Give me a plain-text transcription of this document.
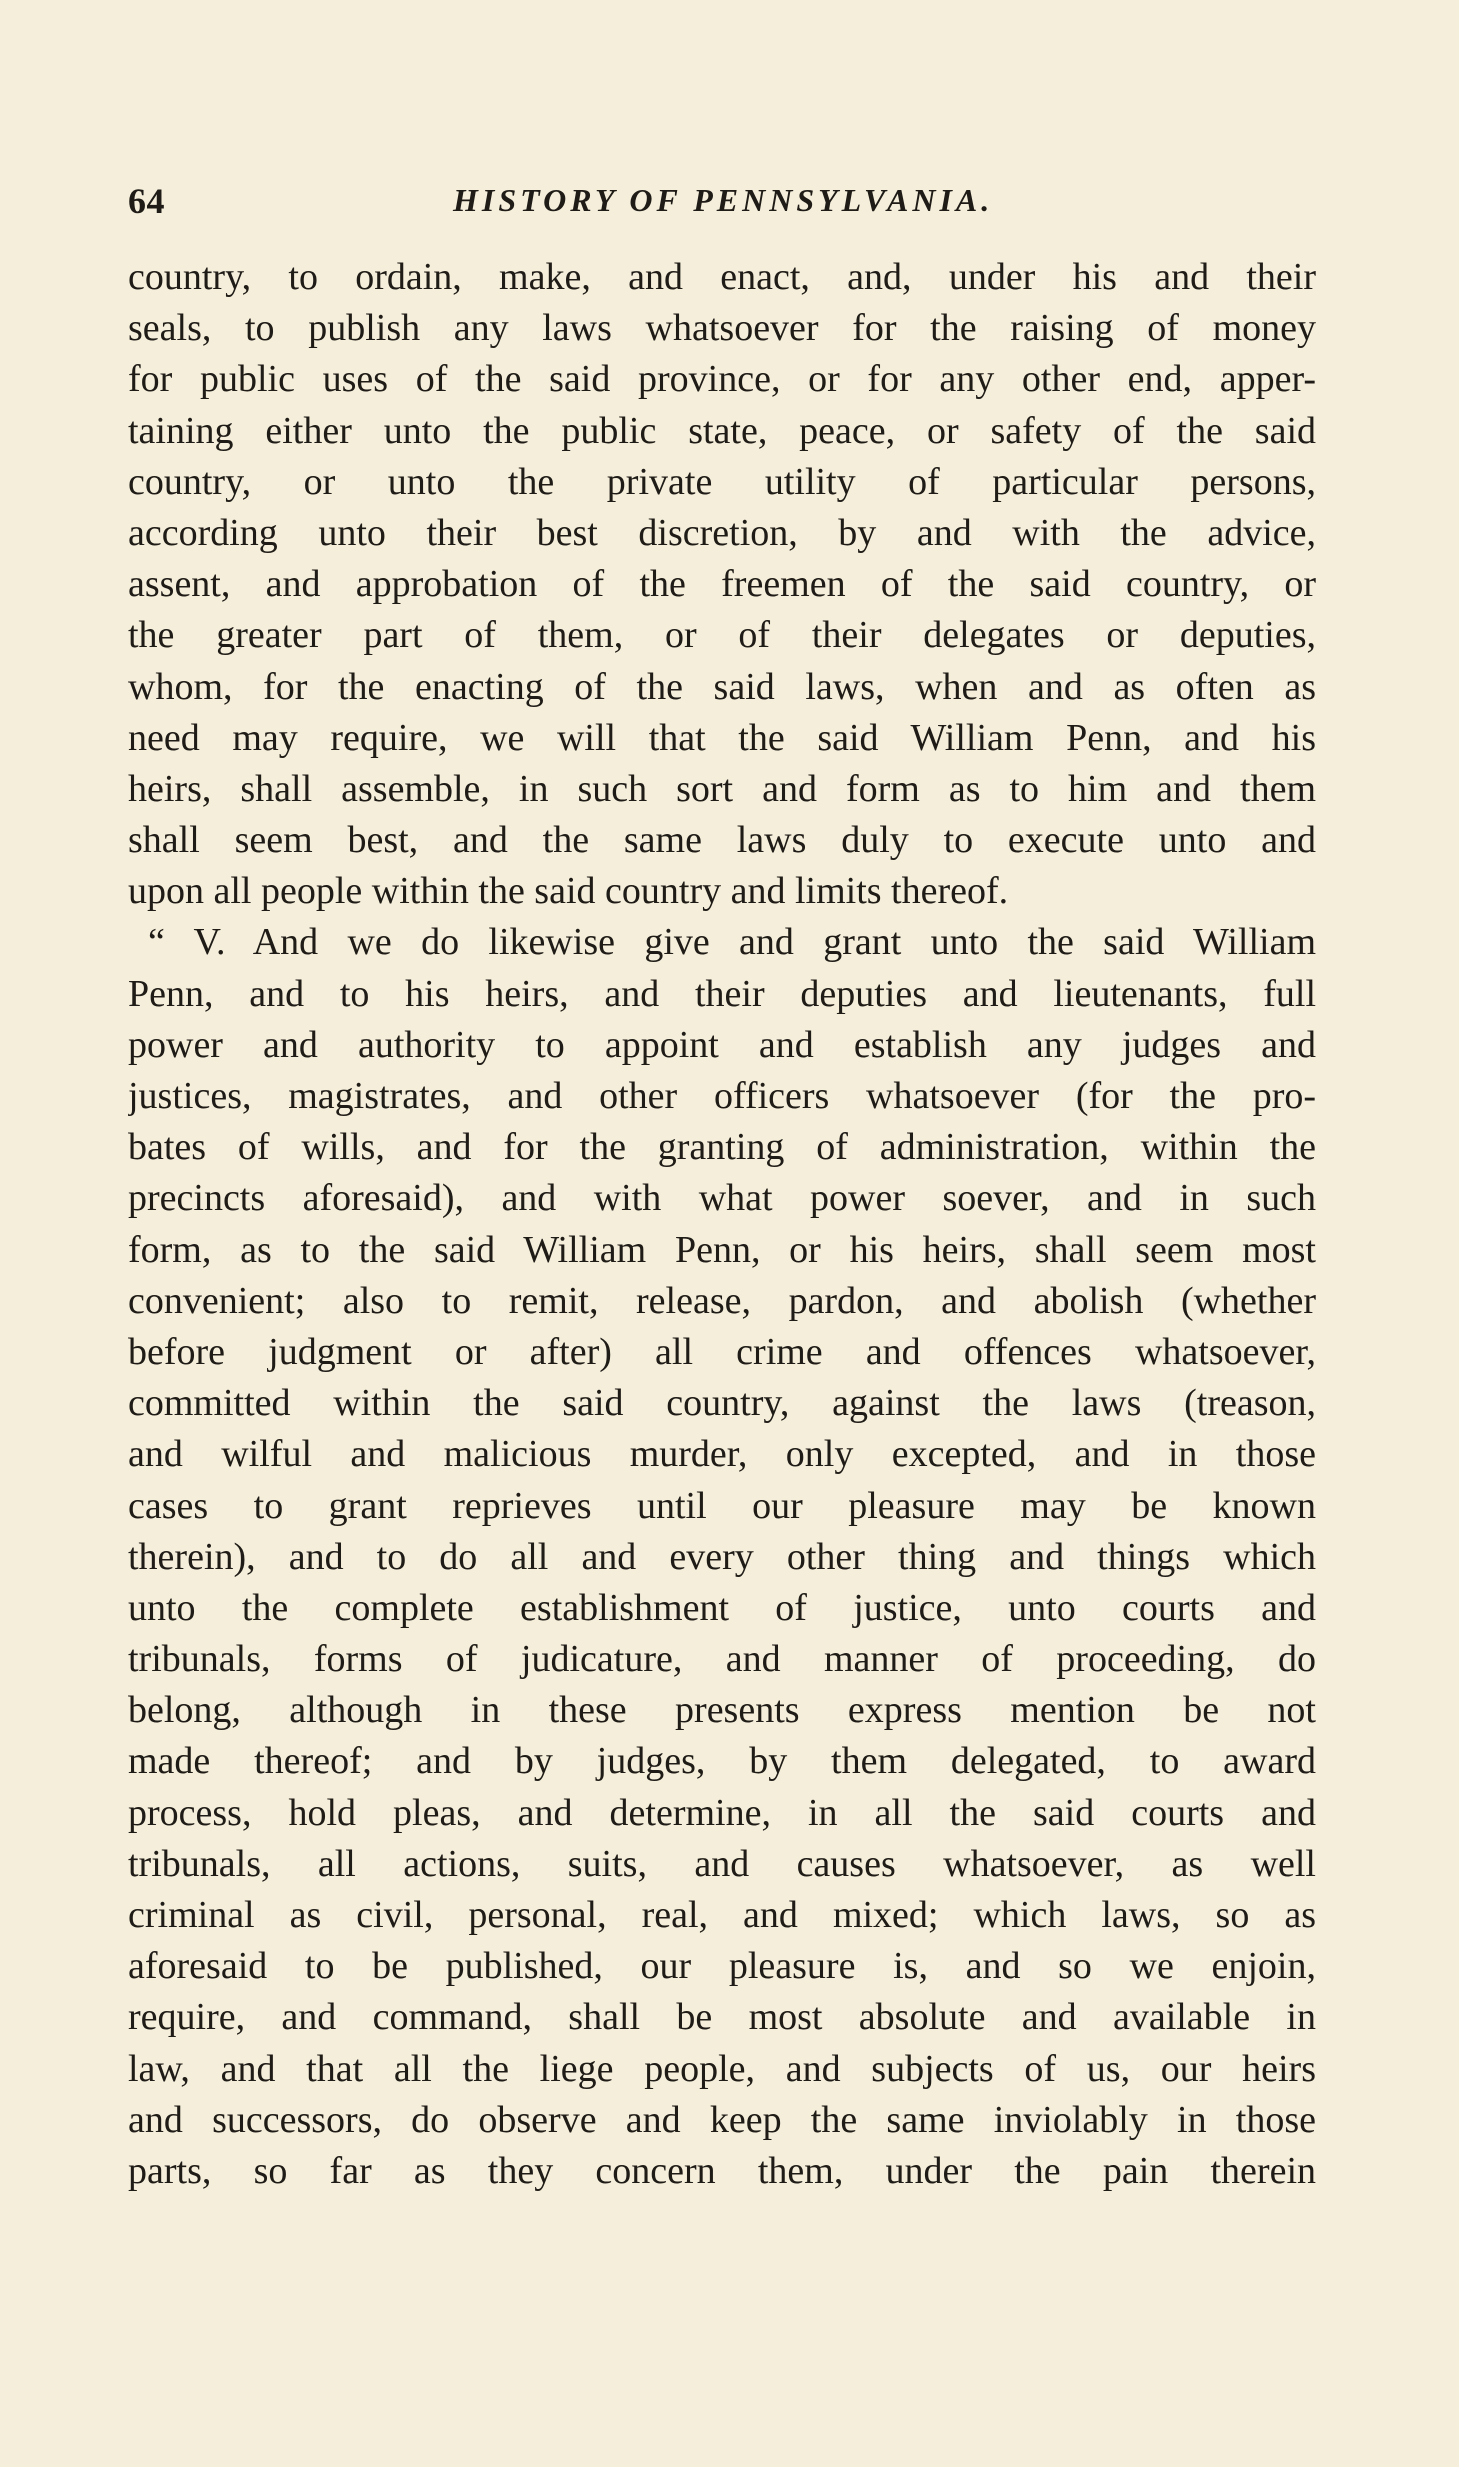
64	HISTORY OF PENNSYLVANIA.
country, to ordain, make, and enact, and, under his and their
seals, to publish any laws whatsoever for the raising of money
for public uses of the said province, or for any other end, apper-
taining either unto the public state, peace, or safety of the said
country, or unto the private utility of particular persons,
according unto their best discretion, by and with the advice,
assent, and approbation of the freemen of the said country, or
the greater part of them, or of their delegates or deputies,
whom, for the enacting of the said laws, when and as often as
need may require, we will that the said William Penn, and his
heirs, shall assemble, in such sort and form as to him and them
shall seem best, and the same laws duly to execute unto and
upon all people within the said country and limits thereof.
“ V. And we do likewise give and grant unto the said William
Penn, and to his heirs, and their deputies and lieutenants, full
power and authority to appoint and establish any judges and
justices, magistrates, and other officers whatsoever (for the pro-
bates of wills, and for the granting of administration, within the
precincts aforesaid), and with what power soever, and in such
form, as to the said William Penn, or his heirs, shall seem most
convenient; also to remit, release, pardon, and abolish (whether
before judgment or after) all crime and offences whatsoever,
committed within the said country, against the laws (treason,
and wilful and malicious murder, only excepted, and in those
cases to grant reprieves until our pleasure may be known
therein), and to do all and every other thing and things which
unto the complete establishment of justice, unto courts and
tribunals, forms of judicature, and manner of proceeding, do
belong, although in these presents express mention be not
made thereof; and by judges, by them delegated, to award
process, hold pleas, and determine, in all the said courts and
tribunals, all actions, suits, and causes whatsoever, as well
criminal as civil, personal, real, and mixed; which laws, so as
aforesaid to be published, our pleasure is, and so we enjoin,
require, and command, shall be most absolute and available in
law, and that all the liege people, and subjects of us, our heirs
and successors, do observe and keep the same inviolably in those
parts, so far as they concern them, under the pain therein
